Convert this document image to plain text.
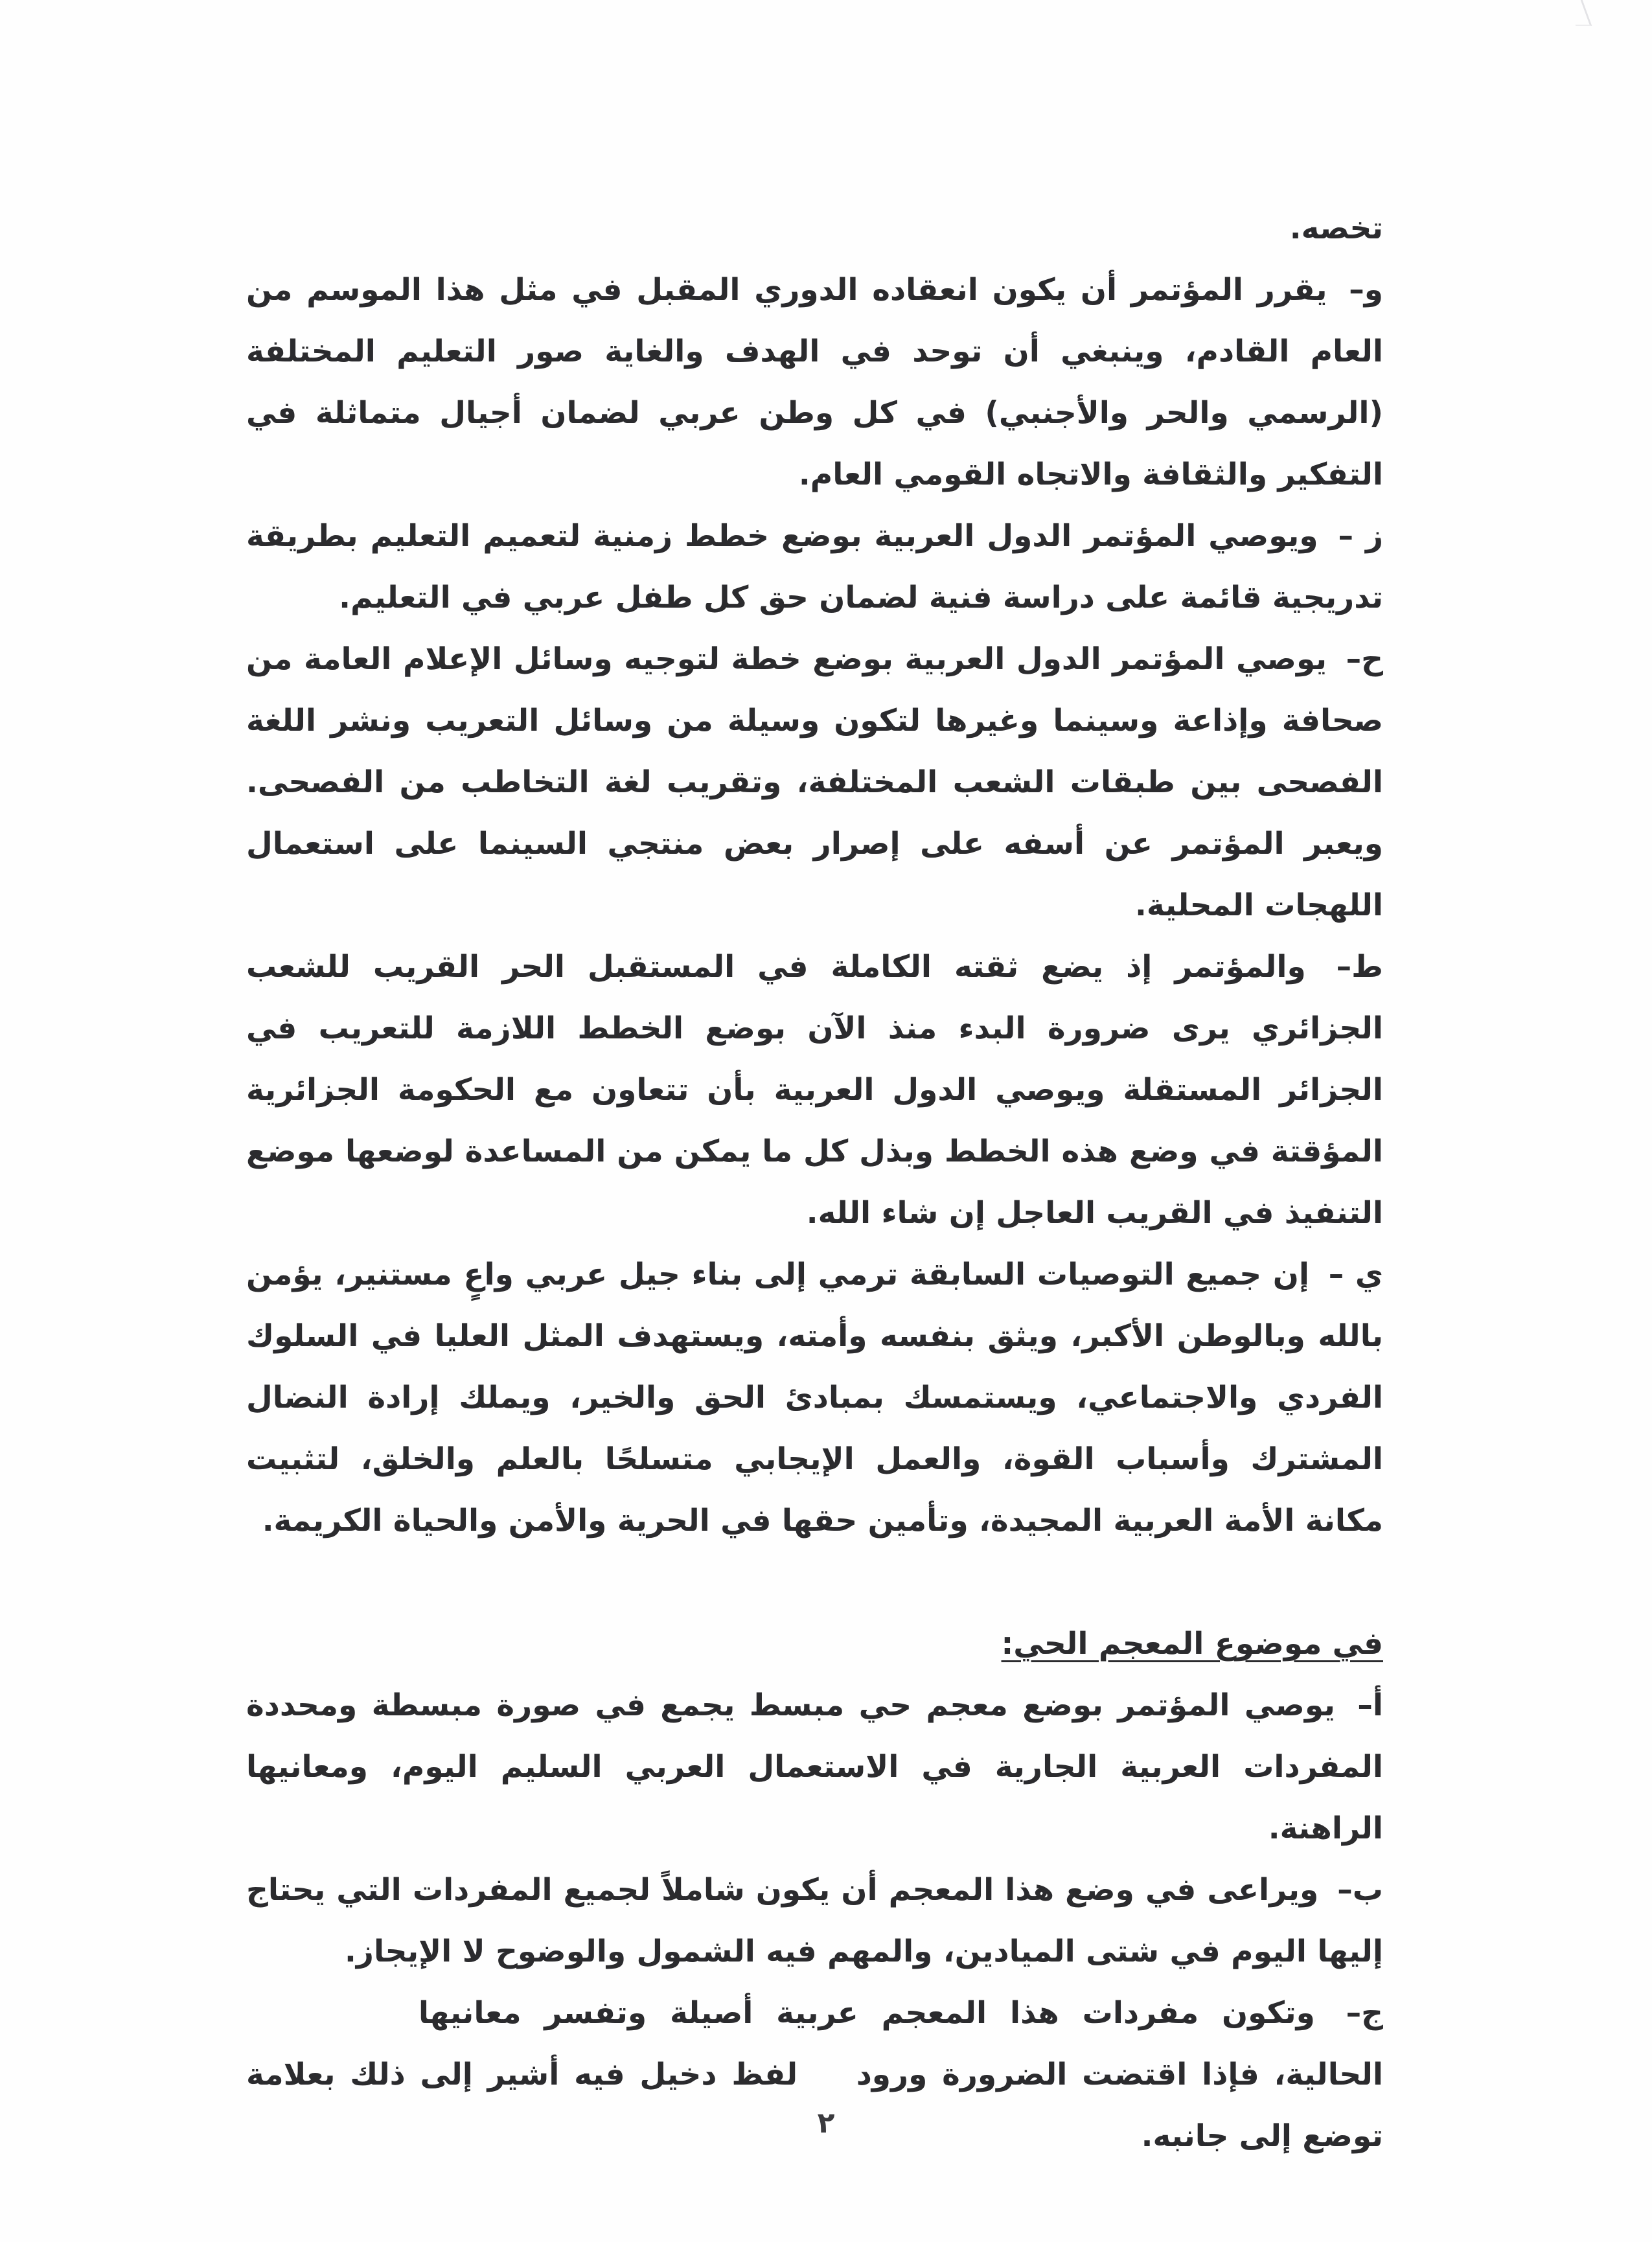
تخصه.

و– يقرر المؤتمر أن يكون انعقاده الدوري المقبل في مثل هذا الموسم من العام القادم، وينبغي أن توحد في الهدف والغاية صور التعليم المختلفة (الرسمي والحر والأجنبي) في كل وطن عربي لضمان أجيال متماثلة في التفكير والثقافة والاتجاه القومي العام.

ز – ويوصي المؤتمر الدول العربية بوضع خطط زمنية لتعميم التعليم بطريقة تدريجية قائمة على دراسة فنية لضمان حق كل طفل عربي في التعليم.

ح– يوصي المؤتمر الدول العربية بوضع خطة لتوجيه وسائل الإعلام العامة من صحافة وإذاعة وسينما وغيرها لتكون وسيلة من وسائل التعريب ونشر اللغة الفصحى بين طبقات الشعب المختلفة، وتقريب لغة التخاطب من الفصحى. ويعبر المؤتمر عن أسفه على إصرار بعض منتجي السينما على استعمال اللهجات المحلية.

ط– والمؤتمر إذ يضع ثقته الكاملة في المستقبل الحر القريب للشعب الجزائري يرى ضرورة البدء منذ الآن بوضع الخطط اللازمة للتعريب في الجزائر المستقلة ويوصي الدول العربية بأن تتعاون مع الحكومة الجزائرية المؤقتة في وضع هذه الخطط وبذل كل ما يمكن من المساعدة لوضعها موضع التنفيذ في القريب العاجل إن شاء الله.

ي – إن جميع التوصيات السابقة ترمي إلى بناء جيل عربي واعٍ مستنير، يؤمن بالله وبالوطن الأكبر، ويثق بنفسه وأمته، ويستهدف المثل العليا في السلوك الفردي والاجتماعي، ويستمسك بمبادئ الحق والخير، ويملك إرادة النضال المشترك وأسباب القوة، والعمل الإيجابي متسلحًا بالعلم والخلق، لتثبيت مكانة الأمة العربية المجيدة، وتأمين حقها في الحرية والأمن والحياة الكريمة.

في موضوع المعجم الحي:

أ– يوصي المؤتمر بوضع معجم حي مبسط يجمع في صورة مبسطة ومحددة المفردات العربية الجارية في الاستعمال العربي السليم اليوم، ومعانيها الراهنة.

ب– ويراعى في وضع هذا المعجم أن يكون شاملاً لجميع المفردات التي يحتاج إليها اليوم في شتى الميادين، والمهم فيه الشمول والوضوح لا الإيجاز.

ج– وتكون مفردات هذا المعجم عربية أصيلة وتفسر معانيها  الحالية، فإذا اقتضت الضرورة ورود  لفظ دخيل فيه أشير إلى ذلك بعلامة توضع إلى جانبه.

٢
